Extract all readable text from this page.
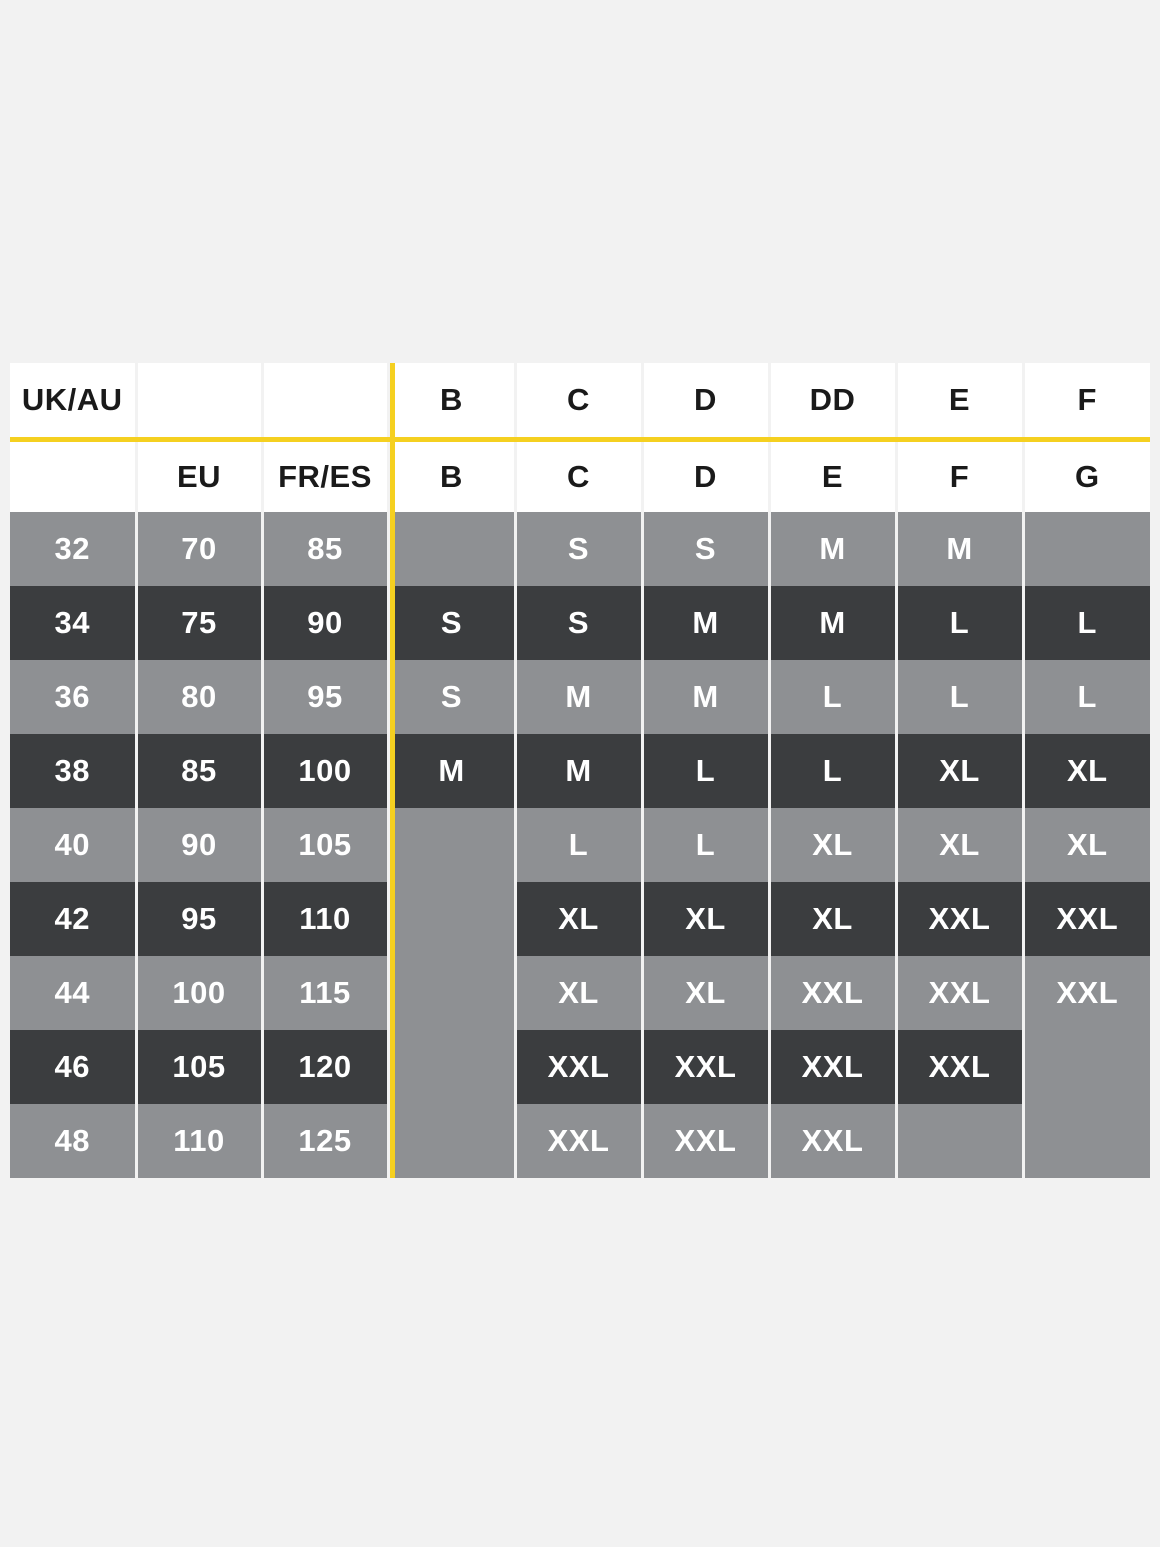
UK/AU			B	C	D	DD	E	F
	EU	FR/ES	B	C	D	E	F	G
32	70	85		S	S	M	M	
34	75	90	S	S	M	M	L	L
36	80	95	S	M	M	L	L	L
38	85	100	M	M	L	L	XL	XL
40	90	105		L	L	XL	XL	XL
42	95	110		XL	XL	XL	XXL	XXL
44	100	115		XL	XL	XXL	XXL	XXL
46	105	120		XXL	XXL	XXL	XXL	
48	110	125		XXL	XXL	XXL		
